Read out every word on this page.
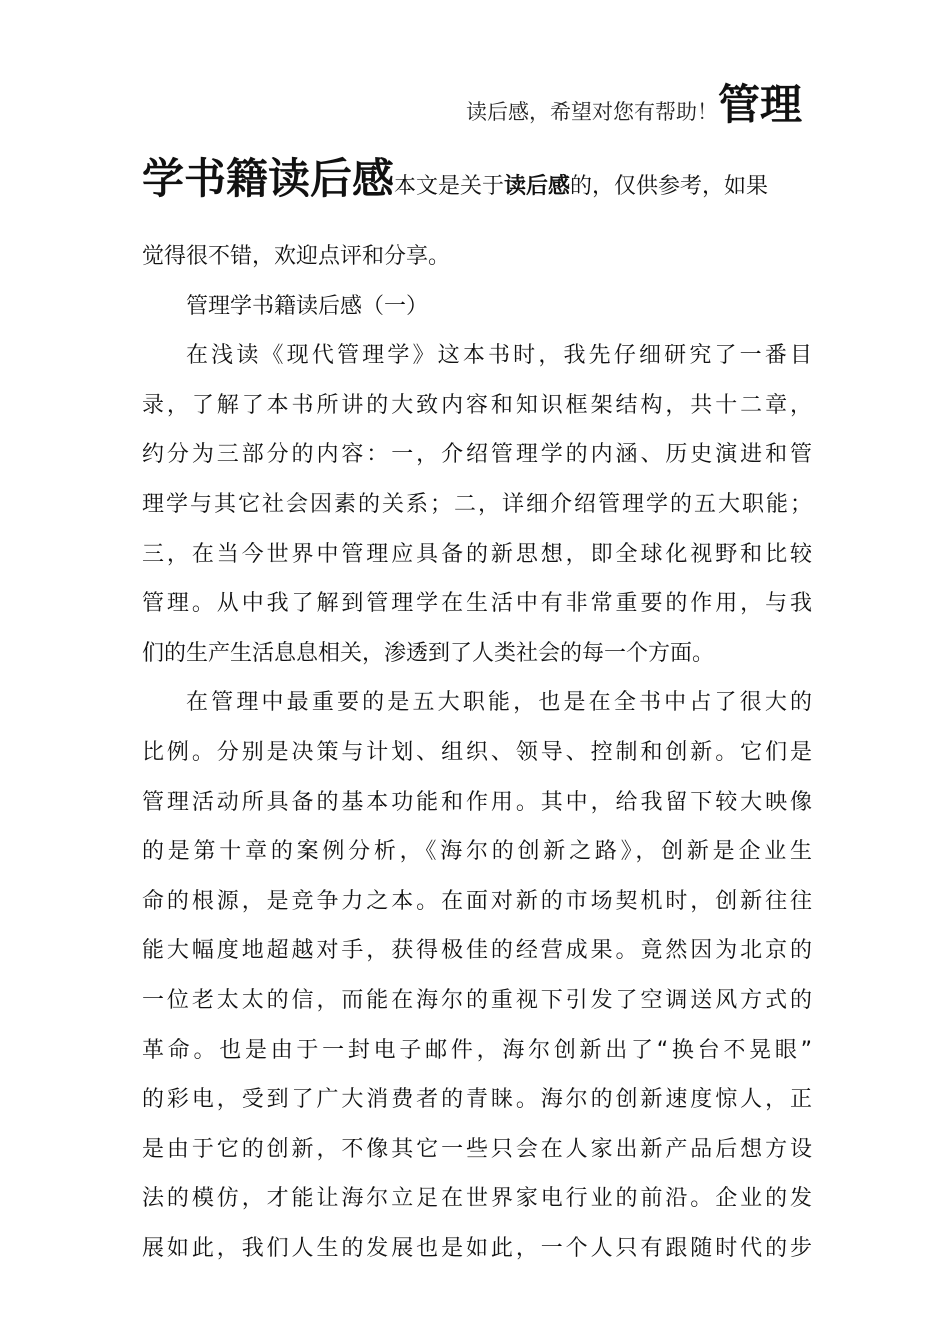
读后感，希望对您有帮助！ 管理
学书籍读后感 本文是关于读后感的，仅供参考，如果
觉得很不错，欢迎点评和分享。
管理学书籍读后感（一）
在浅读《现代管理学》这本书时，我先仔细研究了一番目
录，了解了本书所讲的大致内容和知识框架结构，共十二章，
约分为三部分的内容：一，介绍管理学的内涵、历史演进和管
理学与其它社会因素的关系；二，详细介绍管理学的五大职能；
三，在当今世界中管理应具备的新思想，即全球化视野和比较
管理。从中我了解到管理学在生活中有非常重要的作用，与我
们的生产生活息息相关，渗透到了人类社会的每一个方面。
在管理中最重要的是五大职能，也是在全书中占了很大的
比例。分别是决策与计划、组织、领导、控制和创新。它们是
管理活动所具备的基本功能和作用。其中，给我留下较大映像
的是第十章的案例分析，《海尔的创新之路》，创新是企业生
命的根源，是竞争力之本。在面对新的市场契机时，创新往往
能大幅度地超越对手，获得极佳的经营成果。竟然因为北京的
一位老太太的信，而能在海尔的重视下引发了空调送风方式的
革命。也是由于一封电子邮件，海尔创新出了“换台不晃眼”
的彩电，受到了广大消费者的青睐。海尔的创新速度惊人，正
是由于它的创新，不像其它一些只会在人家出新产品后想方设
法的模仿，才能让海尔立足在世界家电行业的前沿。企业的发
展如此，我们人生的发展也是如此，一个人只有跟随时代的步
